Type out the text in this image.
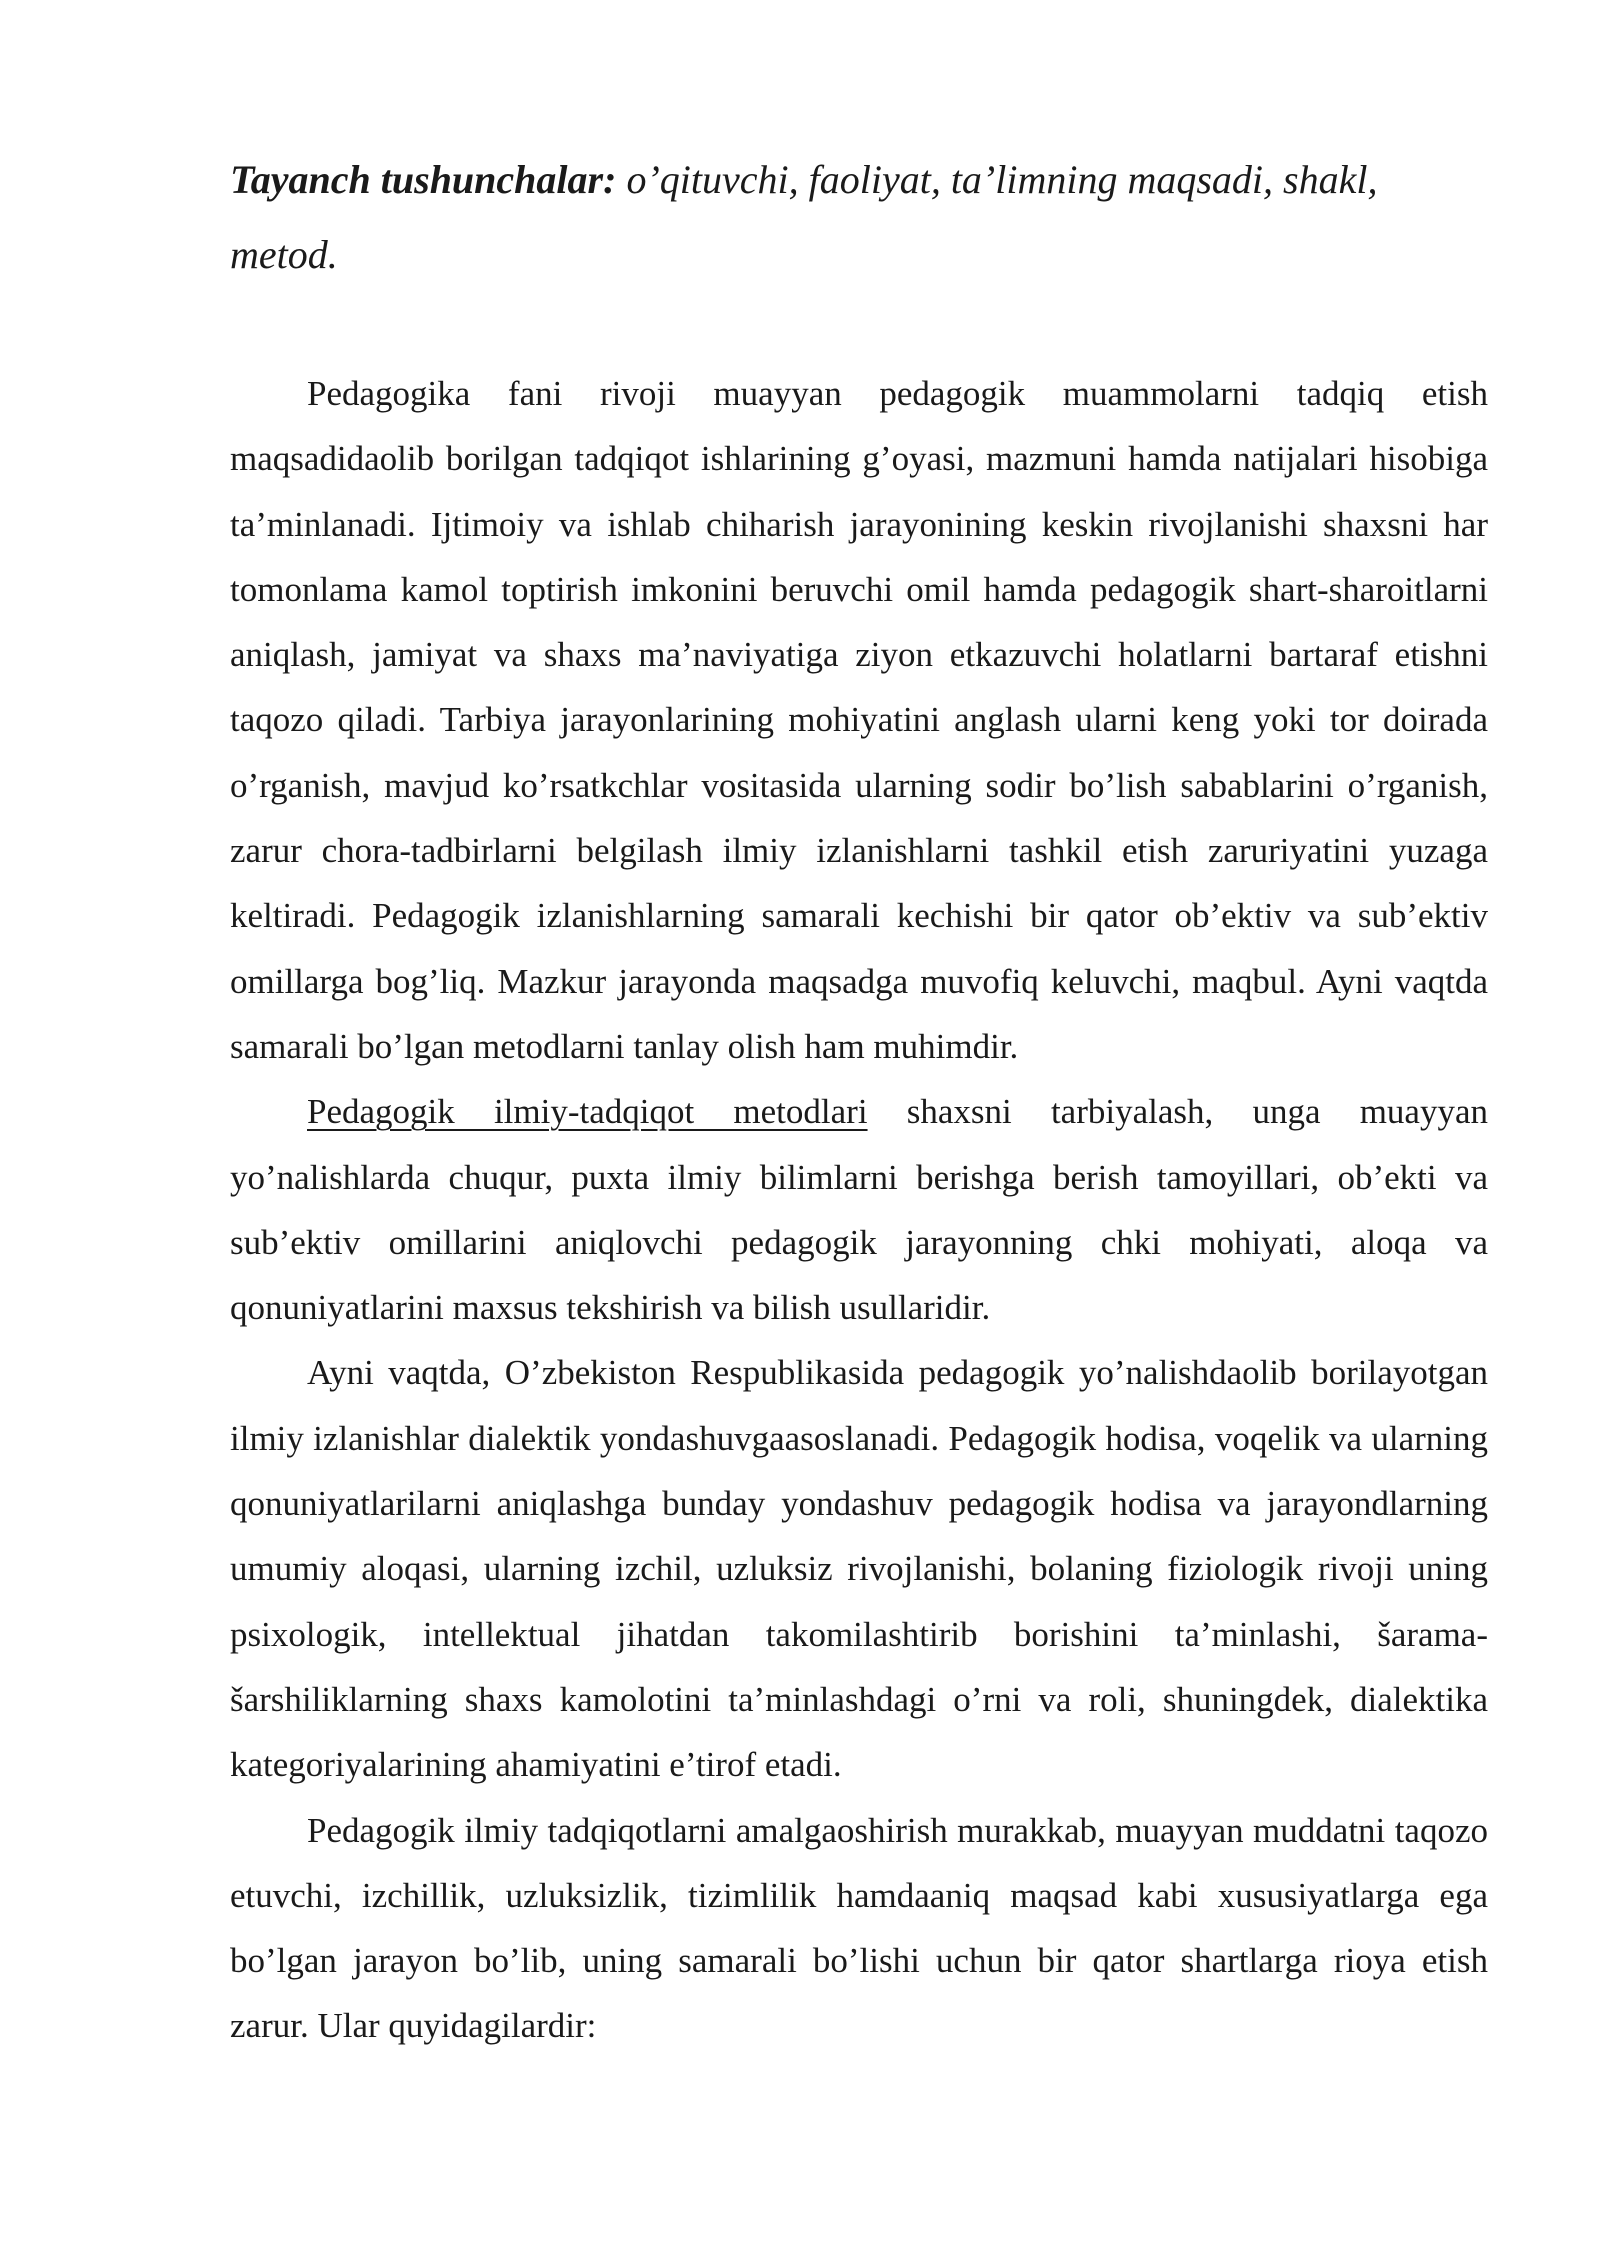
Tayanch tushunchalar: o’qituvchi, faoliyat, ta’limning maqsadi, shakl, metod.

Pedagogika fani rivoji muayyan pedagogik muammolarni tadqiq etish maqsadidaolib borilgan tadqiqot ishlarining g’oyasi, mazmuni hamda natijalari hisobiga ta’minlanadi. Ijtimoiy va ishlab chiharish jarayonining keskin rivojlanishi shaxsni har tomonlama kamol toptirish imkonini beruvchi omil hamda pedagogik shart-sharoitlarni aniqlash, jamiyat va shaxs ma’naviyatiga ziyon etkazuvchi holatlarni bartaraf etishni taqozo qiladi. Tarbiya jarayonlarining mohiyatini anglash ularni keng yoki tor doirada o’rganish, mavjud ko’rsatkchlar vositasida ularning sodir bo’lish sabablarini o’rganish, zarur chora-tadbirlarni belgilash ilmiy izlanishlarni tashkil etish zaruriyatini yuzaga keltiradi. Pedagogik izlanishlarning samarali kechishi bir qator ob’ektiv va sub’ektiv omillarga bog’liq. Mazkur jarayonda maqsadga muvofiq keluvchi, maqbul. Ayni vaqtda samarali bo’lgan metodlarni tanlay olish ham muhimdir.

Pedagogik ilmiy-tadqiqot metodlari shaxsni tarbiyalash, unga muayyan yo’nalishlarda chuqur, puxta ilmiy bilimlarni berishga berish tamoyillari, ob’ekti va sub’ektiv omillarini aniqlovchi pedagogik jarayonning chki mohiyati, aloqa va qonuniyatlarini maxsus tekshirish va bilish usullaridir.

Ayni vaqtda, O’zbekiston Respublikasida pedagogik yo’nalishdaolib borilayotgan ilmiy izlanishlar dialektik yondashuvgaasoslanadi. Pedagogik hodisa, voqelik va ularning qonuniyatlarilarni aniqlashga bunday yondashuv pedagogik hodisa va jarayondlarning umumiy aloqasi, ularning izchil, uzluksiz rivojlanishi, bolaning fiziologik rivoji uning psixologik, intellektual jihatdan takomilashtirib borishini ta’minlashi, šarama-šarshiliklarning shaxs kamolotini ta’minlashdagi o’rni va roli, shuningdek, dialektika kategoriyalarining ahamiyatini e’tirof etadi.

Pedagogik ilmiy tadqiqotlarni amalgaoshirish murakkab, muayyan muddatni taqozo etuvchi, izchillik, uzluksizlik, tizimlilik hamdaaniq maqsad kabi xususiyatlarga ega bo’lgan jarayon bo’lib, uning samarali bo’lishi uchun bir qator shartlarga rioya etish zarur. Ular quyidagilardir:
